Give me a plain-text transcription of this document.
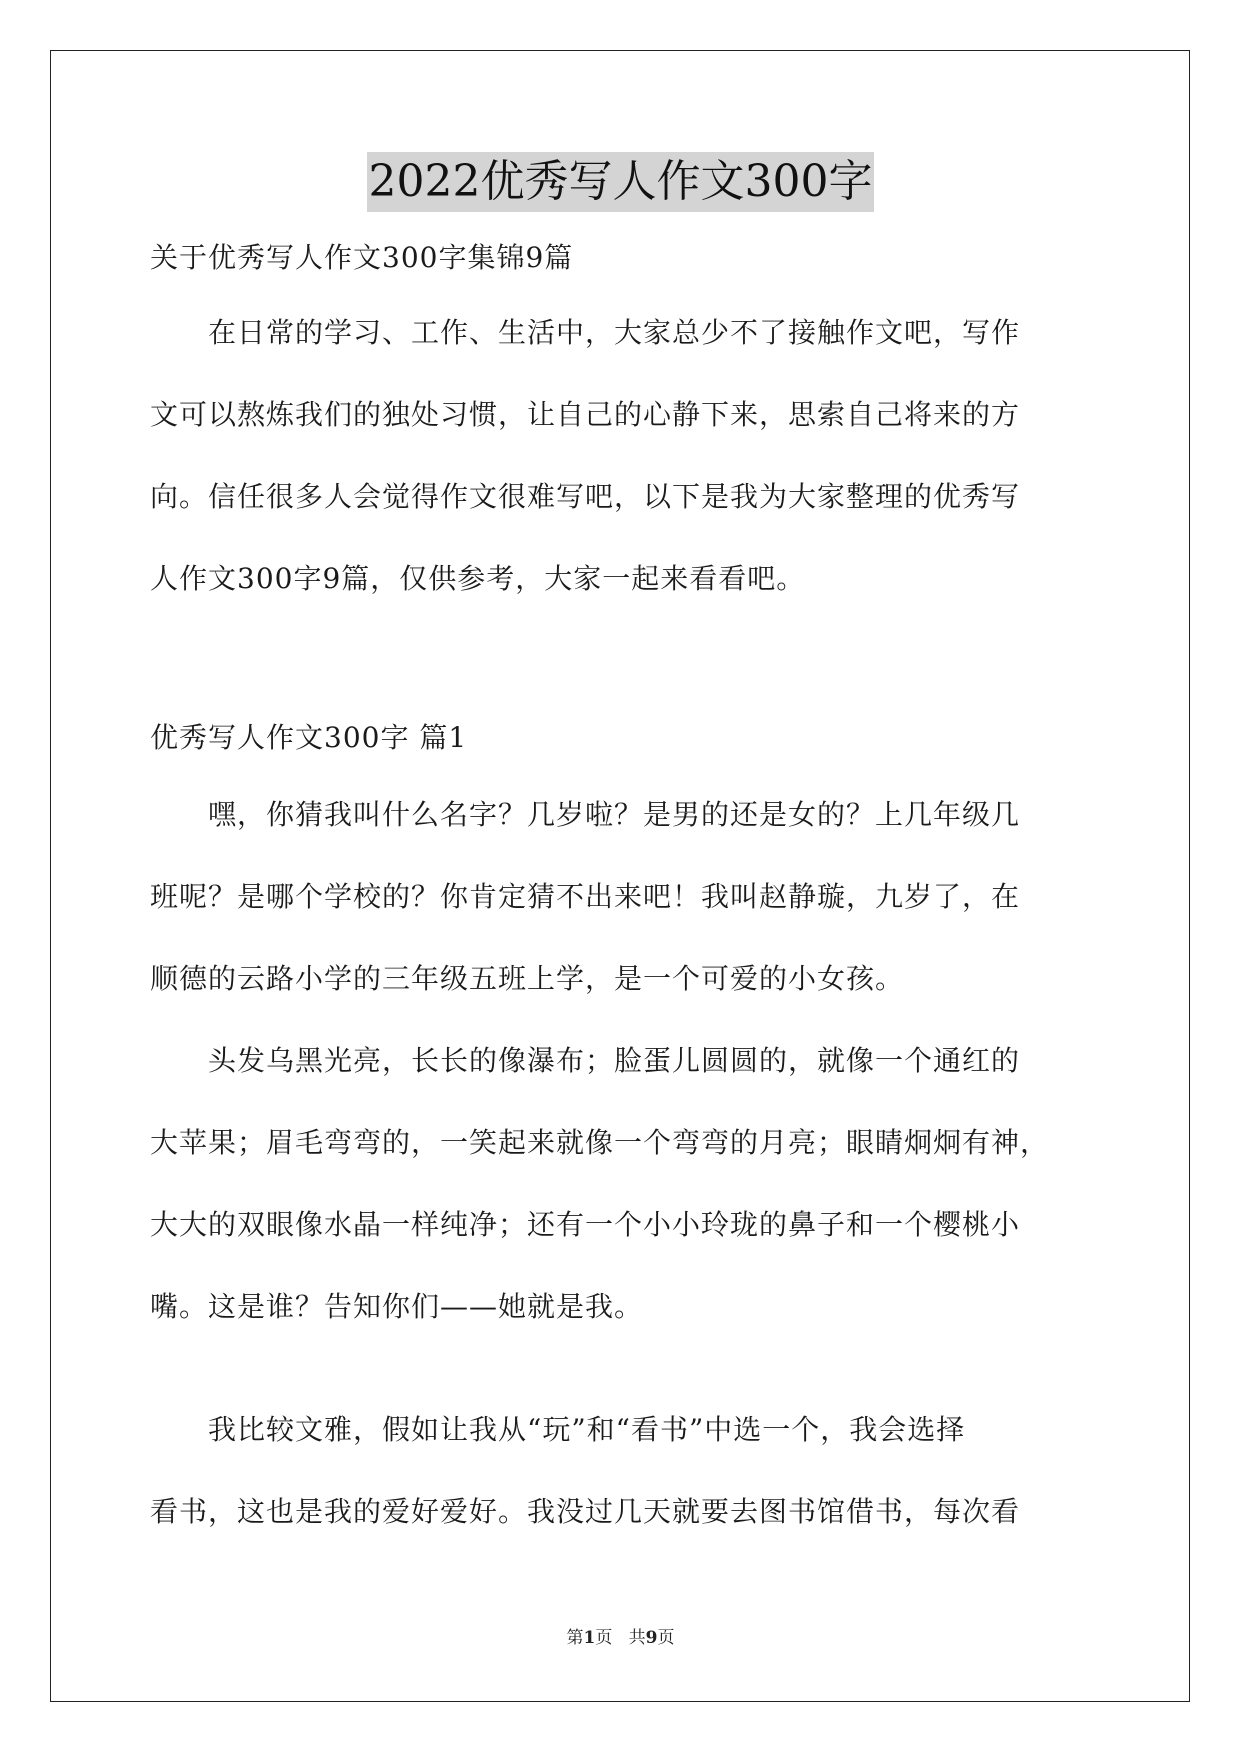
2022优秀写人作文300字
关于优秀写人作文300字集锦9篇
　　在日常的学习、工作、生活中，大家总少不了接触作文吧，写作
文可以熬炼我们的独处习惯，让自己的心静下来，思索自己将来的方
向。信任很多人会觉得作文很难写吧，以下是我为大家整理的优秀写
人作文300字9篇，仅供参考，大家一起来看看吧。
优秀写人作文300字 篇1
　　嘿，你猜我叫什么名字？几岁啦？是男的还是女的？上几年级几
班呢？是哪个学校的？你肯定猜不出来吧！我叫赵静璇，九岁了，在
顺德的云路小学的三年级五班上学，是一个可爱的小女孩。
　　头发乌黑光亮，长长的像瀑布；脸蛋儿圆圆的，就像一个通红的
大苹果；眉毛弯弯的，一笑起来就像一个弯弯的月亮；眼睛炯炯有神，
大大的双眼像水晶一样纯净；还有一个小小玲珑的鼻子和一个樱桃小
嘴。这是谁？告知你们——她就是我。
　　我比较文雅，假如让我从“玩”和“看书”中选一个，我会选择
看书，这也是我的爱好爱好。我没过几天就要去图书馆借书，每次看
第1页 共9页
